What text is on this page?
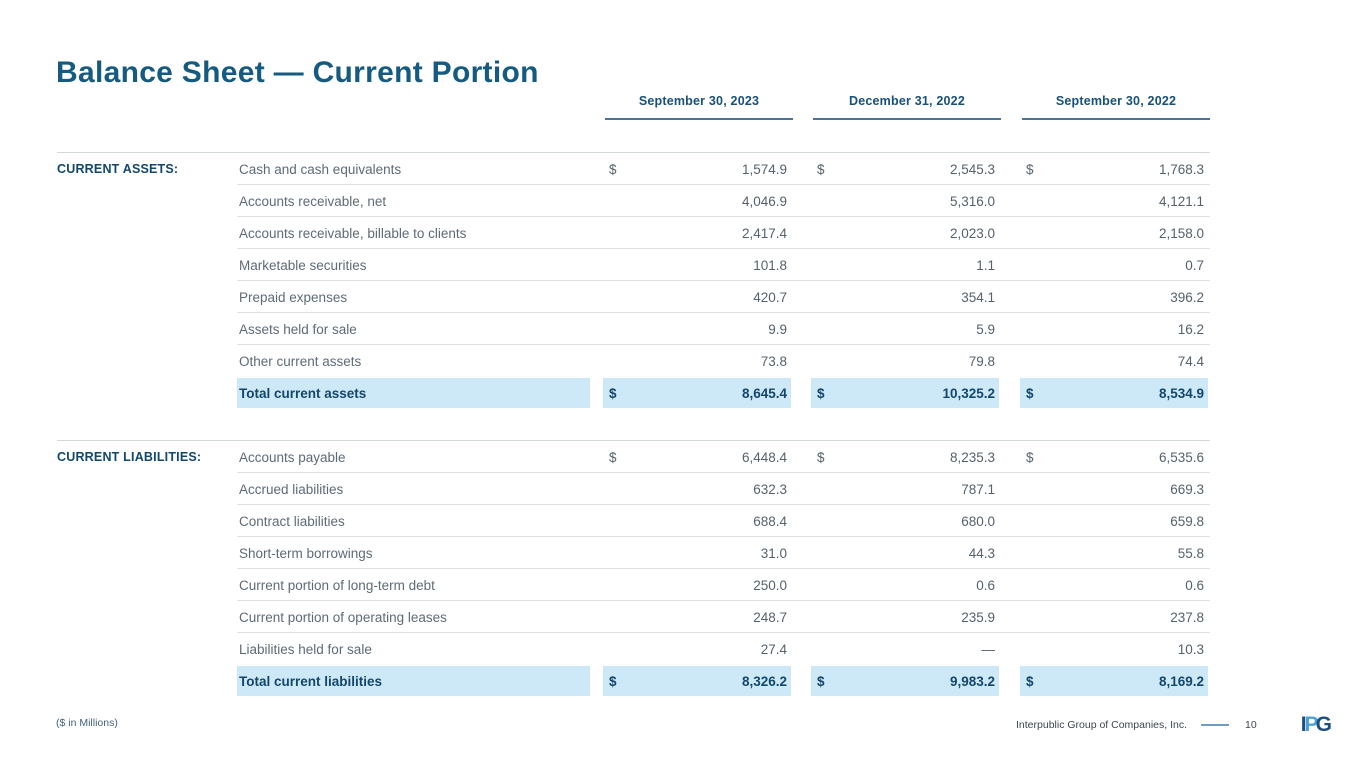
Balance Sheet — Current Portion
September 30, 2023	December 31, 2022	September 30, 2022
CURRENT ASSETS:	Cash and cash equivalents	$	1,574.9 $	2,545.3 $	1,768.3
Accounts receivable, net	4,046.9	5,316.0	4,121.1
Accounts receivable, billable to clients	2,417.4	2,023.0	2,158.0
Marketable securities	101.8	1.1	0.7
Prepaid expenses	420.7	354.1	396.2
Assets held for sale	9.9	5.9	16.2
Other current assets	73.8	79.8	74.4
Total current assets	$	8,645.4 $	10,325.2 $	8,534.9
CURRENT LIABILITIES:	Accounts payable	$	6,448.4 $	8,235.3 $	6,535.6
Accrued liabilities	632.3	787.1	669.3
Contract liabilities	688.4	680.0	659.8
Short-term borrowings	31.0	44.3	55.8
Current portion of long-term debt	250.0	0.6	0.6
Current portion of operating leases	248.7	235.9	237.8
Liabilities held for sale	27.4	—	10.3
Total current liabilities	$	8,326.2 $	9,983.2 $	8,169.2
($ in Millions)	Interpublic Group of Companies, Inc.	10 IPG
